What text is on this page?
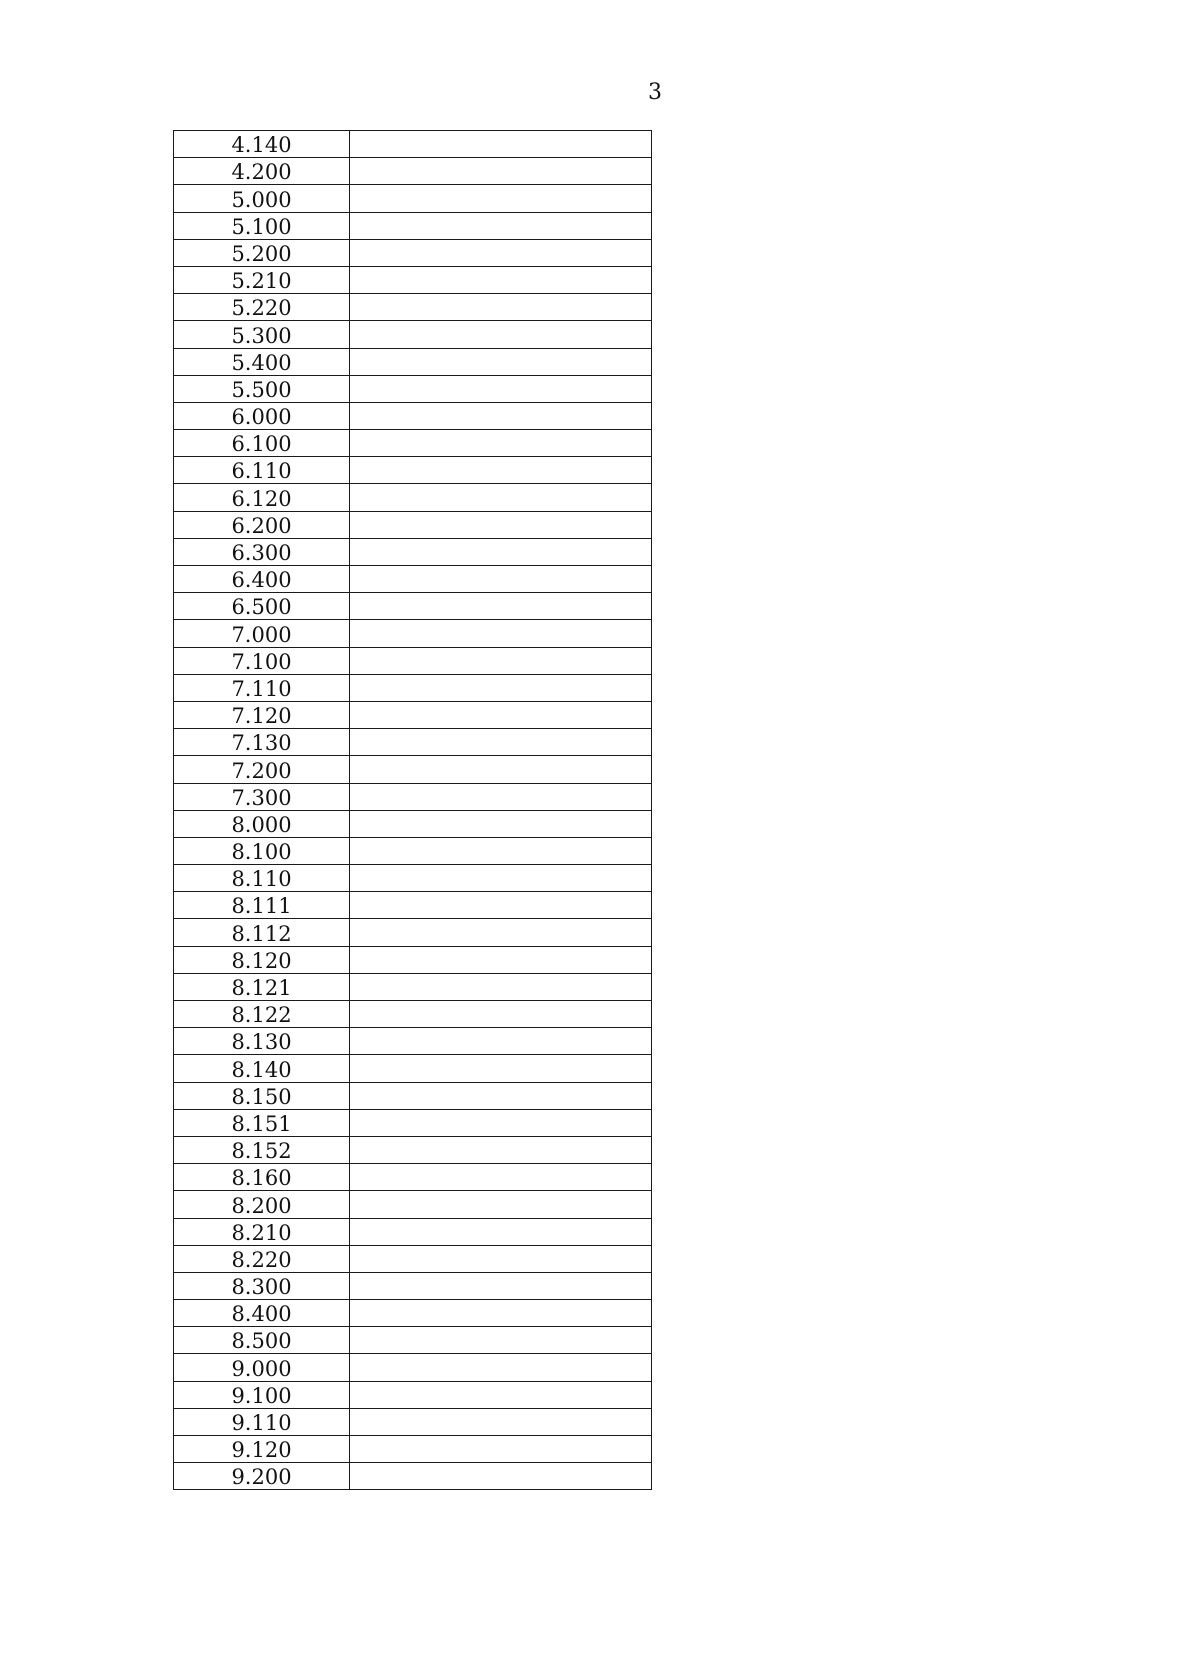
3
4.140	
4.200	
5.000	
5.100	
5.200	
5.210	
5.220	
5.300	
5.400	
5.500	
6.000	
6.100	
6.110	
6.120	
6.200	
6.300	
6.400	
6.500	
7.000	
7.100	
7.110	
7.120	
7.130	
7.200	
7.300	
8.000	
8.100	
8.110	
8.111	
8.112	
8.120	
8.121	
8.122	
8.130	
8.140	
8.150	
8.151	
8.152	
8.160	
8.200	
8.210	
8.220	
8.300	
8.400	
8.500	
9.000	
9.100	
9.110	
9.120	
9.200	
